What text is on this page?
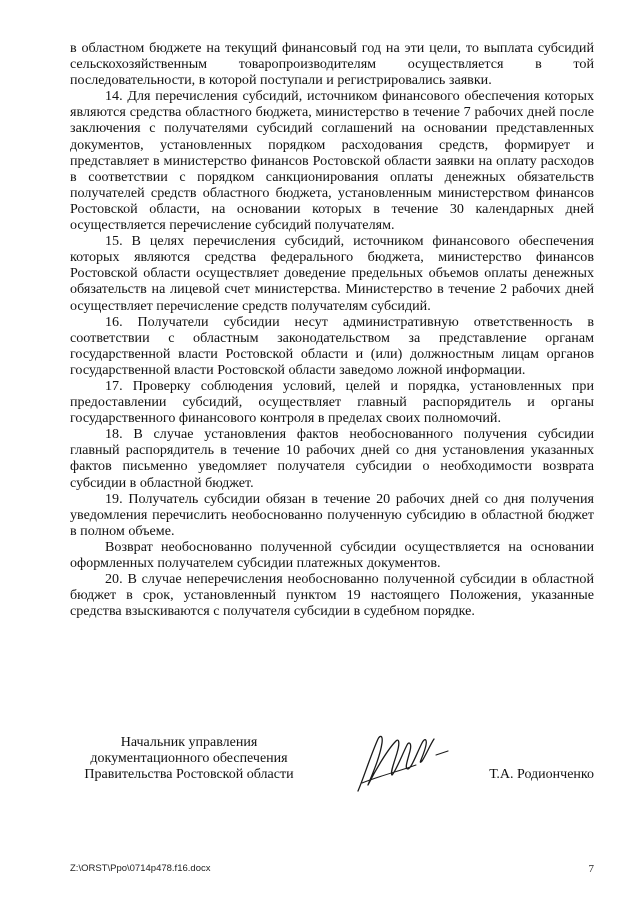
в областном бюджете на текущий финансовый год на эти цели, то выплата субсидий сельскохозяйственным товаропроизводителям осуществляется в той последовательности, в которой поступали и регистрировались заявки.

14. Для перечисления субсидий, источником финансового обеспечения которых являются средства областного бюджета, министерство в течение 7 рабочих дней после заключения с получателями субсидий соглашений на основании представленных документов, установленных порядком расходования средств, формирует и представляет в министерство финансов Ростовской области заявки на оплату расходов в соответствии с порядком санкционирования оплаты денежных обязательств получателей средств областного бюджета, установленным министерством финансов Ростовской области, на основании которых в течение 30 календарных дней осуществляется перечисление субсидий получателям.

15. В целях перечисления субсидий, источником финансового обеспечения которых являются средства федерального бюджета, министерство финансов Ростовской области осуществляет доведение предельных объемов оплаты денежных обязательств на лицевой счет министерства. Министерство в течение 2 рабочих дней осуществляет перечисление средств получателям субсидий.

16. Получатели субсидии несут административную ответственность в соответствии с областным законодательством за представление органам государственной власти Ростовской области и (или) должностным лицам органов государственной власти Ростовской области заведомо ложной информации.

17. Проверку соблюдения условий, целей и порядка, установленных при предоставлении субсидий, осуществляет главный распорядитель и органы государственного финансового контроля в пределах своих полномочий.

18. В случае установления фактов необоснованного получения субсидии главный распорядитель в течение 10 рабочих дней со дня установления указанных фактов письменно уведомляет получателя субсидии о необходимости возврата субсидии в областной бюджет.

19. Получатель субсидии обязан в течение 20 рабочих дней со дня получения уведомления перечислить необоснованно полученную субсидию в областной бюджет в полном объеме.

Возврат необоснованно полученной субсидии осуществляется на основании оформленных получателем субсидии платежных документов.

20. В случае неперечисления необоснованно полученной субсидии в областной бюджет в срок, установленный пунктом 19 настоящего Положения, указанные средства взыскиваются с получателя субсидии в судебном порядке.

Начальник управления
документационного обеспечения
Правительства Ростовской области	Т.А. Родионченко
Z:\ORST\Ppo\0714p478.f16.docx	7
